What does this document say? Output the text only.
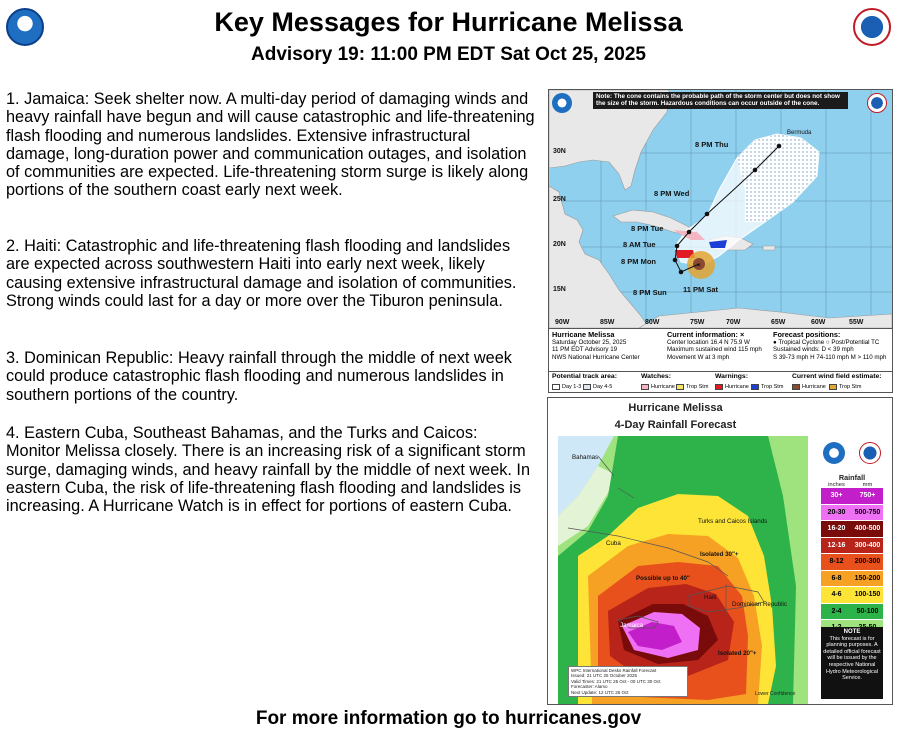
Key Messages for Hurricane Melissa
Advisory 19: 11:00 PM EDT Sat Oct 25, 2025
1. Jamaica: Seek shelter now. A multi-day period of damaging winds and heavy rainfall have begun and will cause catastrophic and life-threatening flash flooding and numerous landslides. Extensive infrastructural damage, long-duration power and communication outages, and isolation of communities are expected. Life-threatening storm surge is likely along portions of the southern coast early next week.
2. Haiti: Catastrophic and life-threatening flash flooding and landslides are expected across southwestern Haiti into early next week, likely causing extensive infrastructural damage and isolation of communities. Strong winds could last for a day or more over the Tiburon peninsula.
3. Dominican Republic: Heavy rainfall through the middle of next week could produce catastrophic flash flooding and numerous landslides in southern portions of the country.
4. Eastern Cuba, Southeast Bahamas, and the Turks and Caicos: Monitor Melissa closely. There is an increasing risk of a significant storm surge, damaging winds, and heavy rainfall by the middle of next week. In eastern Cuba, the risk of life-threatening flash flooding and landslides is increasing. A Hurricane Watch is in effect for portions of eastern Cuba.
×
Note: The cone contains the probable path of the storm center but does not show the size of the storm. Hazardous conditions can occur outside of the cone.
Bermuda
8 PM Thu
8 PM Wed
8 PM Tue
8 AM Tue
8 PM Mon
8 PM Sun 11 PM Sat
30N
25N
20N
15N
90W	85W	80W	75W	70W	65W	60W	55W
Hurricane Melissa
Saturday October 25, 2025
11 PM EDT Advisory 19
NWS National Hurricane Center
Current information: ×
Center location 16.4 N 75.9 W
Maximum sustained wind 115 mph
Movement W at 3 mph
Forecast positions:
● Tropical Cyclone ○ Post/Potential TC
Sustained winds: D < 39 mph
S 39-73 mph H 74-110 mph M > 110 mph
Potential track area:
Day 1-3 Day 4-5
Watches:
Hurricane Trop Stm
Warnings:
Hurricane Trop Stm
Current wind field estimate:
Hurricane Trop Stm
Hurricane Melissa
4-Day Rainfall Forecast
Bahamas
Turks and Caicos Islands
Cuba
Isolated 30"+
Possible up to 40"
Haiti
Dominican Republic
Jamaica
Isolated 20"+
WPC International Desks Rainfall Forecast
Issued: 21 UTC 25 October 2025
Valid Times: 21 UTC 25 Oct - 00 UTC 30 Oct
Forecaster: Alamo
Next Update: 12 UTC 26 Oct	Lower Confidence
Rainfall
inches	mm
30+	750+
20-30	500-750
16-20	400-500
12-16	300-400
8-12	200-300
6-8	150-200
4-6	100-150
2-4	50-100
NOTE
This forecast is for planning purposes. A detailed official forecast will be issued by the respective National Hydro Meteorological Service.
For more information go to hurricanes.gov
